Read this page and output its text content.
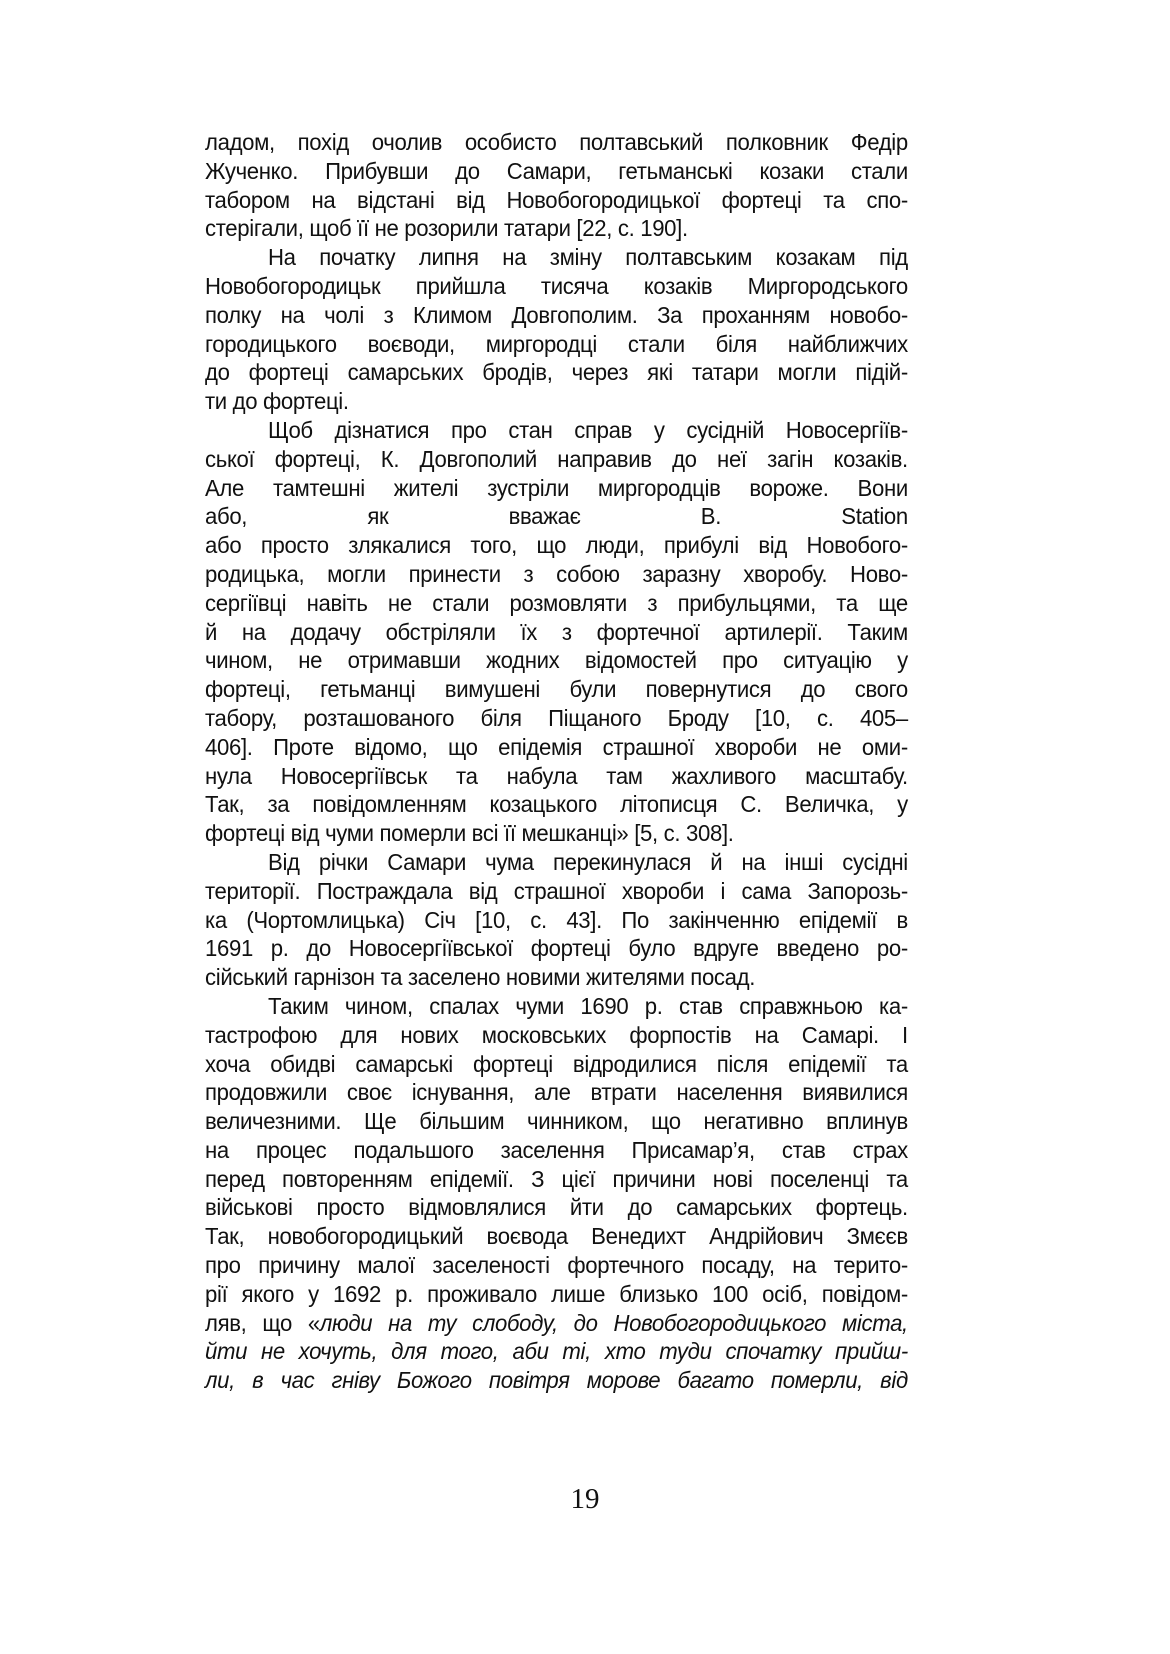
ладом, похід очолив особисто полтавський полковник Федір
Жученко. Прибувши до Самари, гетьманські козаки стали
табором на відстані від Новобогородицької фортеці та спо-
стерігали, щоб її не розорили татари [22, с. 190].
На початку липня на зміну полтавським козакам під
Новобогородицьк прийшла тисяча козаків Миргородського
полку на чолі з Климом Довгополим. За проханням новобо-
городицького воєводи, миргородці стали біля найближчих
до фортеці самарських бродів, через які татари могли підій-
ти до фортеці.
Щоб дізнатися про стан справ у сусідній Новосергіїв-
ської фортеці, К. Довгополий направив до неї загін козаків.
Але тамтешні жителі зустріли миргородців вороже. Вони
або, як вважає В. Station
або просто злякалися того, що люди, прибулі від Новобого-
родицька, могли принести з собою заразну хворобу. Ново-
сергіївці навіть не стали розмовляти з прибульцями, та ще
й на додачу обстріляли їх з фортечної артилерії. Таким
чином, не отримавши жодних відомостей про ситуацію у
фортеці, гетьманці вимушені були повернутися до свого
табору, розташованого біля Піщаного Броду [10, с. 405–
406]. Проте відомо, що епідемія страшної хвороби не оми-
нула Новосергіївськ та набула там жахливого масштабу.
Так, за повідомленням козацького літописця С. Величка, у
фортеці від чуми померли всі її мешканці» [5, с. 308].
Від річки Самари чума перекинулася й на інші сусідні
території. Постраждала від страшної хвороби і сама Запорозь-
ка (Чортомлицька) Січ [10, с. 43]. По закінченню епідемії в
1691 р. до Новосергіївської фортеці було вдруге введено ро-
сійський гарнізон та заселено новими жителями посад.
Таким чином, спалах чуми 1690 р. став справжньою ка-
тастрофою для нових московських форпостів на Самарі. І
хоча обидві самарські фортеці відродилися після епідемії та
продовжили своє існування, але втрати населення виявилися
величезними. Ще більшим чинником, що негативно вплинув
на процес подальшого заселення Присамар’я, став страх
перед повторенням епідемії. З цієї причини нові поселенці та
військові просто відмовлялися йти до самарських фортець.
Так, новобогородицький воєвода Венедихт Андрійович Змєєв
про причину малої заселеності фортечного посаду, на терито-
рії якого у 1692 р. проживало лише близько 100 осіб, повідом-
ляв, що «люди на ту слободу, до Новобогородицького міста,
йти не хочуть, для того, аби ті, хто туди спочатку прийш-
ли, в час гніву Божого повітря морове багато померли, від
19
